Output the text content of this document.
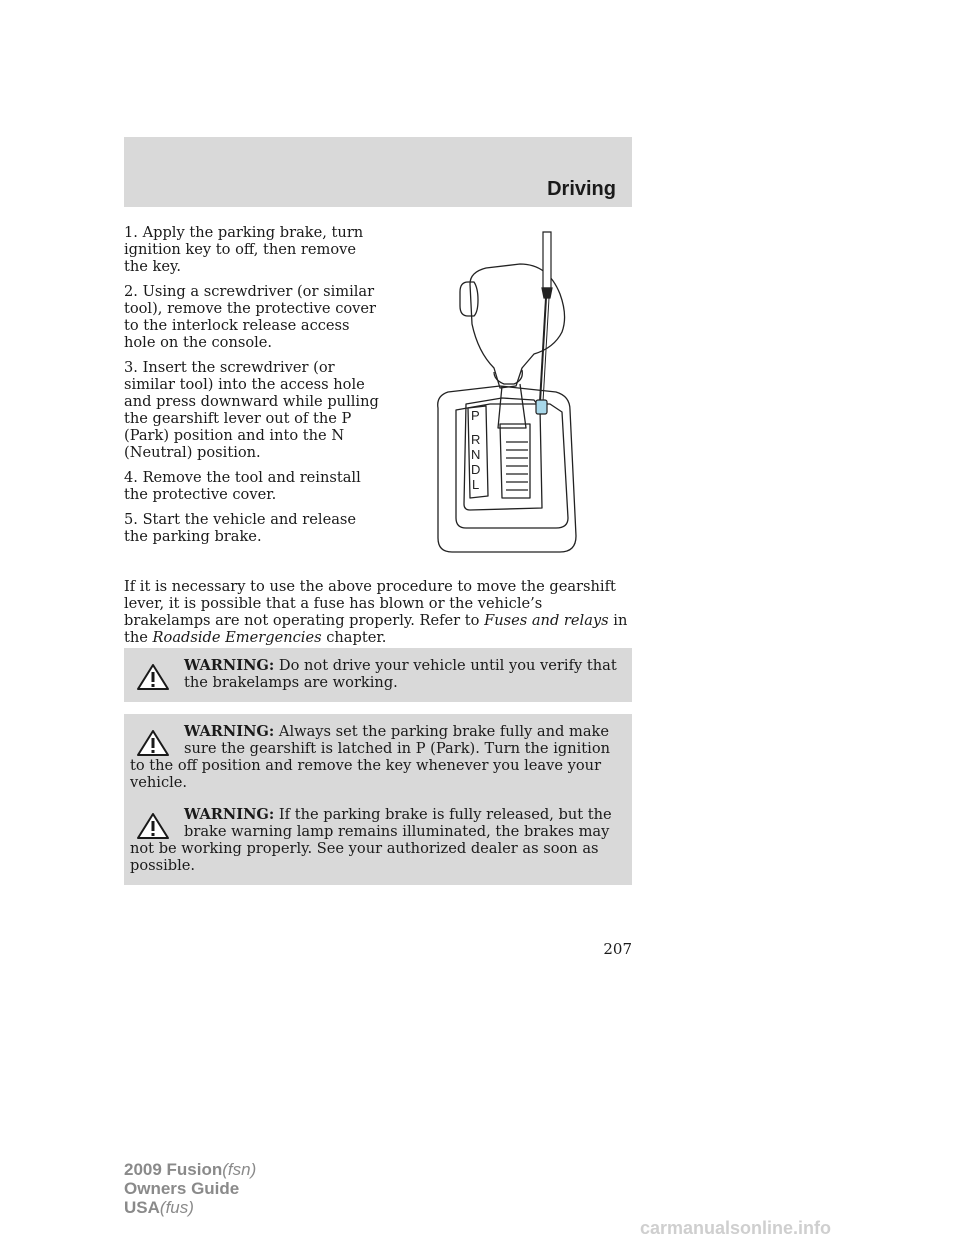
Driving

1. Apply the parking brake, turn ignition key to off, then remove the key.

2. Using a screwdriver (or similar tool), remove the protective cover to the interlock release access hole on the console.

3. Insert the screwdriver (or similar tool) into the access hole and press downward while pulling the gearshift lever out of the P (Park) position and into the N (Neutral) position.

4. Remove the tool and reinstall the protective cover.

5. Start the vehicle and release the parking brake.

P
R
N
D
L

If it is necessary to use the above procedure to move the gearshift lever, it is possible that a fuse has blown or the vehicle’s brakelamps are not operating properly. Refer to Fuses and relays in the Roadside Emergencies chapter.

WARNING: Do not drive your vehicle until you verify that the brakelamps are working.
WARNING: Always set the parking brake fully and make sure the gearshift is latched in P (Park). Turn the ignition to the off position and remove the key whenever you leave your vehicle.
WARNING: If the parking brake is fully released, but the brake warning lamp remains illuminated, the brakes may not be working properly. See your authorized dealer as soon as possible.
207
2009 Fusion(fsn)
Owners Guide
USA(fus)
carmanualsonline.info
